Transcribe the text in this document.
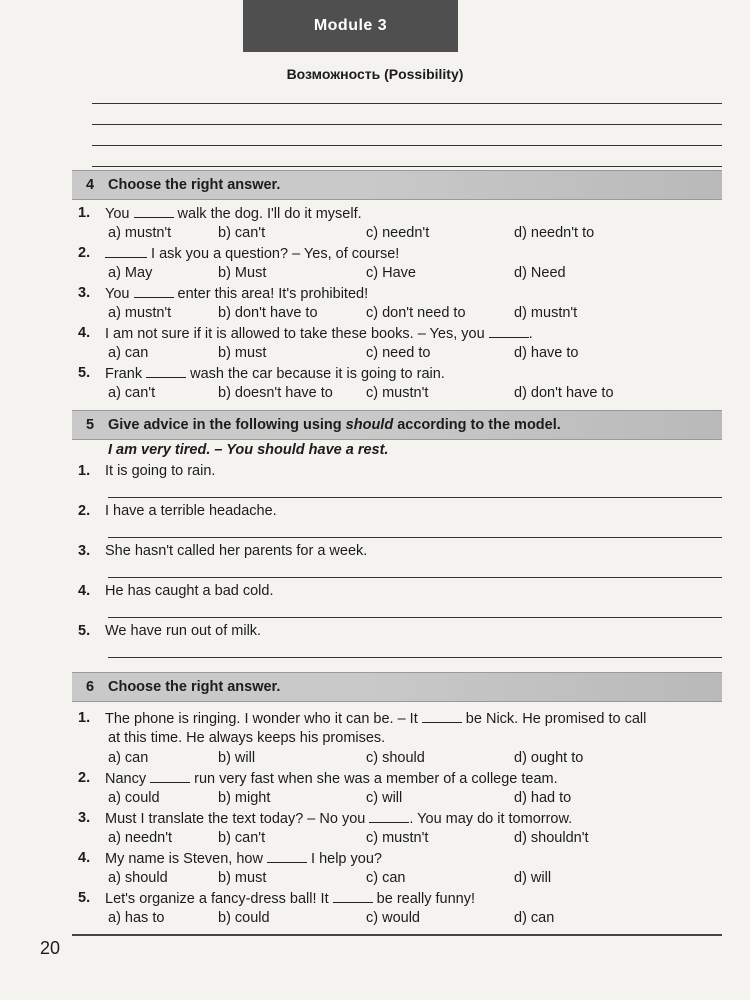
Module 3
Возможность (Possibility)
4 Choose the right answer.
1. You	walk the dog. I'll do it myself.
a) mustn't	b) can't	c) needn't	d) needn't to
2.	I ask you a question? – Yes, of course!
a) May	b) Must	c) Have	d) Need
3. You	enter this area! It's prohibited!
a) mustn't	b) don't have to	c) don't need to	d) mustn't
4. I am not sure if it is allowed to take these books. – Yes, you	.
a) can	b) must	c) need to	d) have to
5. Frank	wash the car because it is going to rain.
a) can't	b) doesn't have to c) mustn't	d) don't have to
5 Give advice in the following using should according to the model.
I am very tired. – You should have a rest.
1. It is going to rain.
2. I have a terrible headache.
3. She hasn't called her parents for a week.
4. He has caught a bad cold.
5. We have run out of milk.
6 Choose the right answer.
1. The phone is ringing. I wonder who it can be. – It	be Nick. He promised to call
at this time. He always keeps his promises.
a) can	b) will	c) should	d) ought to
2. Nancy	run very fast when she was a member of a college team.
a) could	b) might	c) will	d) had to
3. Must I translate the text today? – No you	. You may do it tomorrow.
a) needn't	b) can't	c) mustn't	d) shouldn't
4. My name is Steven, how	I help you?
a) should	b) must	c) can	d) will
5. Let's organize a fancy-dress ball! It	be really funny!
a) has to	b) could	c) would	d) can
20
